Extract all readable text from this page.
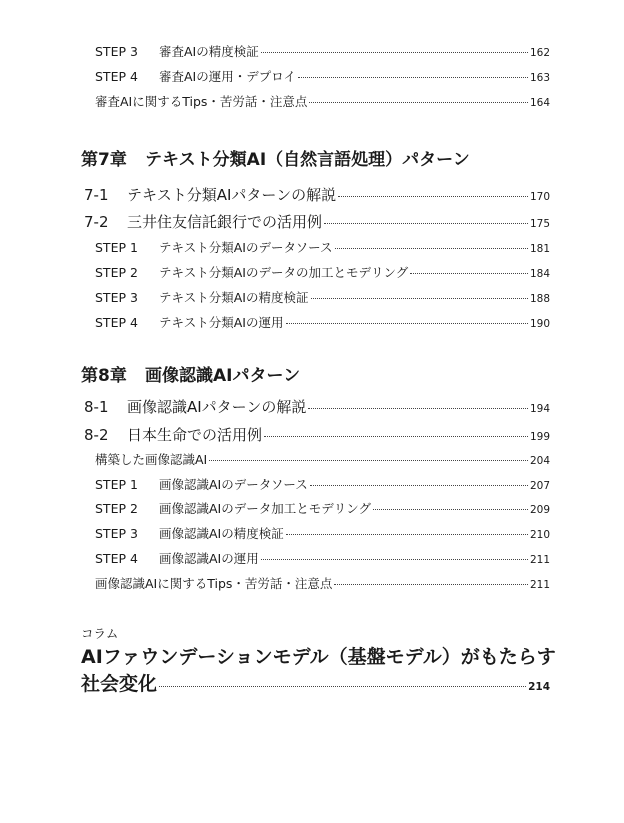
STEP 3	審査AIの精度検証	162
STEP 4	審査AIの運用・デプロイ	163
審査AIに関するTips・苦労話・注意点	164
第7章	テキスト分類AI（自然言語処理）パターン
7-1	テキスト分類AIパターンの解説	170
7-2	三井住友信託銀行での活用例	175
STEP 1	テキスト分類AIのデータソース	181
STEP 2	テキスト分類AIのデータの加工とモデリング	184
STEP 3	テキスト分類AIの精度検証	188
STEP 4	テキスト分類AIの運用	190
第8章	画像認識AIパターン
8-1	画像認識AIパターンの解説	194
8-2	日本生命での活用例	199
構築した画像認識AI	204
STEP 1	画像認識AIのデータソース	207
STEP 2	画像認識AIのデータ加工とモデリング	209
STEP 3	画像認識AIの精度検証	210
STEP 4	画像認識AIの運用	211
画像認識AIに関するTips・苦労話・注意点	211
コラム
AIファウンデーションモデル（基盤モデル）がもたらす
社会変化	214
